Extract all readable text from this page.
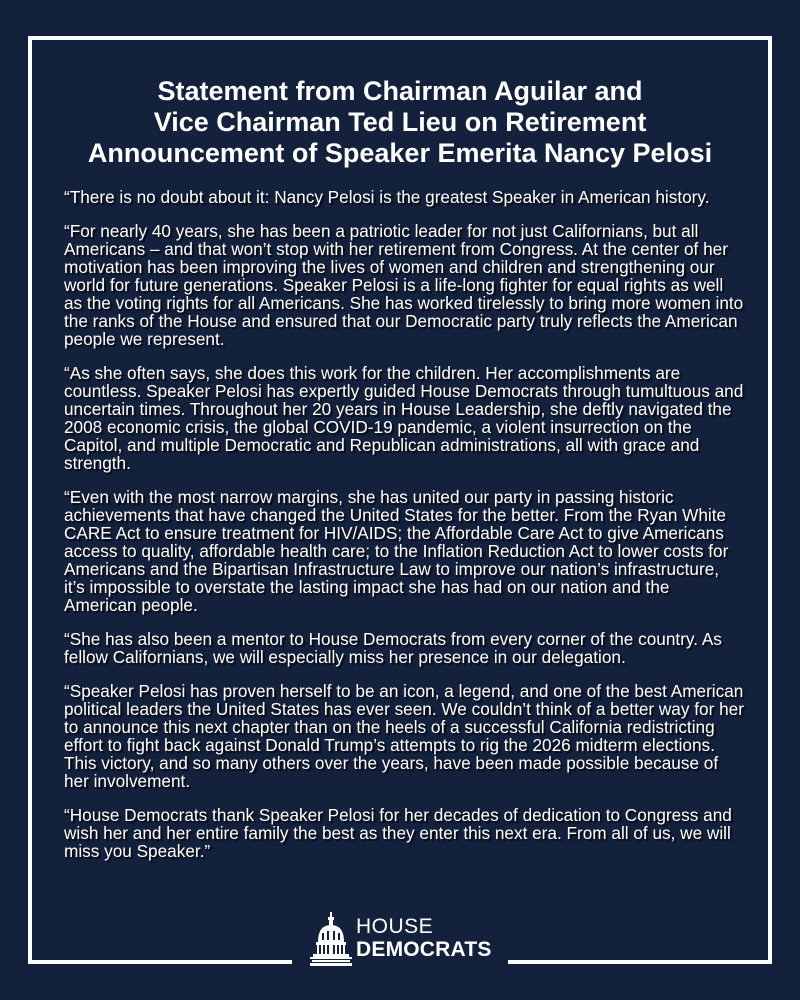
Statement from Chairman Aguilar and
Vice Chairman Ted Lieu on Retirement
Announcement of Speaker Emerita Nancy Pelosi

“There is no doubt about it: Nancy Pelosi is the greatest Speaker in American history.

“For nearly 40 years, she has been a patriotic leader for not just Californians, but all Americans – and that won’t stop with her retirement from Congress. At the center of her motivation has been improving the lives of women and children and strengthening our world for future generations. Speaker Pelosi is a life-long fighter for equal rights as well as the voting rights for all Americans. She has worked tirelessly to bring more women into the ranks of the House and ensured that our Democratic party truly reflects the American people we represent.

“As she often says, she does this work for the children. Her accomplishments are countless. Speaker Pelosi has expertly guided House Democrats through tumultuous and uncertain times. Throughout her 20 years in House Leadership, she deftly navigated the 2008 economic crisis, the global COVID-19 pandemic, a violent insurrection on the Capitol, and multiple Democratic and Republican administrations, all with grace and strength.

“Even with the most narrow margins, she has united our party in passing historic achievements that have changed the United States for the better. From the Ryan White CARE Act to ensure treatment for HIV/AIDS; the Affordable Care Act to give Americans access to quality, affordable health care; to the Inflation Reduction Act to lower costs for Americans and the Bipartisan Infrastructure Law to improve our nation’s infrastructure, it’s impossible to overstate the lasting impact she has had on our nation and the American people.

“She has also been a mentor to House Democrats from every corner of the country. As fellow Californians, we will especially miss her presence in our delegation.

“Speaker Pelosi has proven herself to be an icon, a legend, and one of the best American political leaders the United States has ever seen. We couldn’t think of a better way for her to announce this next chapter than on the heels of a successful California redistricting effort to fight back against Donald Trump’s attempts to rig the 2026 midterm elections. This victory, and so many others over the years, have been made possible because of her involvement.

“House Democrats thank Speaker Pelosi for her decades of dedication to Congress and wish her and her entire family the best as they enter this next era. From all of us, we will miss you Speaker.”

HOUSE
DEMOCRATS
